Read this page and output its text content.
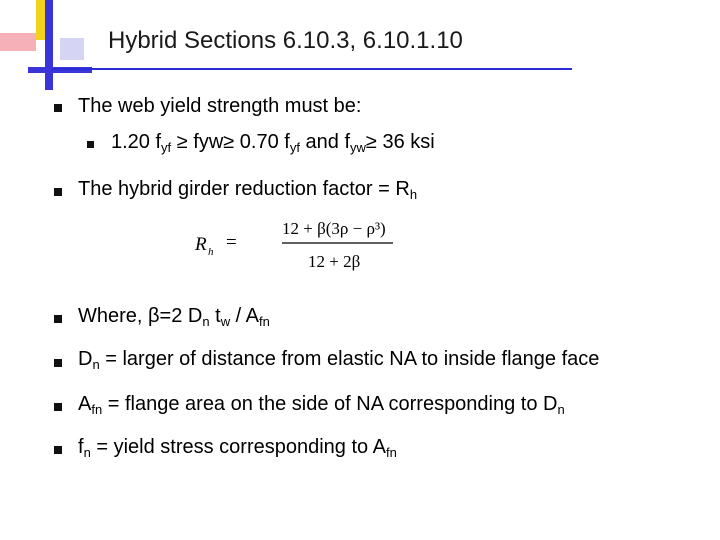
Hybrid Sections 6.10.3, 6.10.1.10
The web yield strength must be:
1.20 $f_{yf} \ge fyw\ge 0.70$ $f_{yf}$ and $f_{yw}\ge 36$ ksi
The hybrid girder reduction factor = $R_h$
R h =
12 + β(3ρ − ρ³)
12 + 2β
Where, β=2 $D_n$ $t_w / A_{fn}$
$D_n$ = larger of distance from elastic NA to inside flange face
$A_{fn}$ = flange area on the side of NA corresponding to $D_n$
$f_n$ = yield stress corresponding to $A_{fn}$
